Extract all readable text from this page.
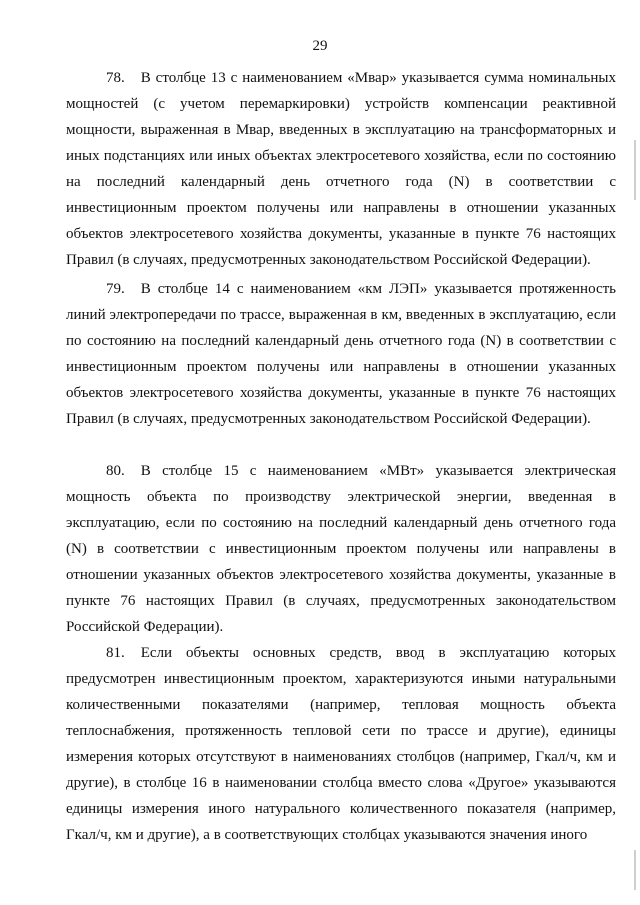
29

78. В столбце 13 с наименованием «Мвар» указывается сумма номинальных мощностей (с учетом перемаркировки) устройств компенсации реактивной мощности, выраженная в Мвар, введенных в эксплуатацию на трансформаторных и иных подстанциях или иных объектах электросетевого хозяйства, если по состоянию на последний календарный день отчетного года (N) в соответствии с инвестиционным проектом получены или направлены в отношении указанных объектов электросетевого хозяйства документы, указанные в пункте 76 настоящих Правил (в случаях, предусмотренных законодательством Российской Федерации).

79. В столбце 14 с наименованием «км ЛЭП» указывается протяженность линий электропередачи по трассе, выраженная в км, введенных в эксплуатацию, если по состоянию на последний календарный день отчетного года (N) в соответствии с инвестиционным проектом получены или направлены в отношении указанных объектов электросетевого хозяйства документы, указанные в пункте 76 настоящих Правил (в случаях, предусмотренных законодательством Российской Федерации).

80. В столбце 15 с наименованием «МВт» указывается электрическая мощность объекта по производству электрической энергии, введенная в эксплуатацию, если по состоянию на последний календарный день отчетного года (N) в соответствии с инвестиционным проектом получены или направлены в отношении указанных объектов электросетевого хозяйства документы, указанные в пункте 76 настоящих Правил (в случаях, предусмотренных законодательством Российской Федерации).

81. Если объекты основных средств, ввод в эксплуатацию которых предусмотрен инвестиционным проектом, характеризуются иными натуральными количественными показателями (например, тепловая мощность объекта теплоснабжения, протяженность тепловой сети по трассе и другие), единицы измерения которых отсутствуют в наименованиях столбцов (например, Гкал/ч, км и другие), в столбце 16 в наименовании столбца вместо слова «Другое» указываются единицы измерения иного натурального количественного показателя (например, Гкал/ч, км и другие), а в соответствующих столбцах указываются значения иного
